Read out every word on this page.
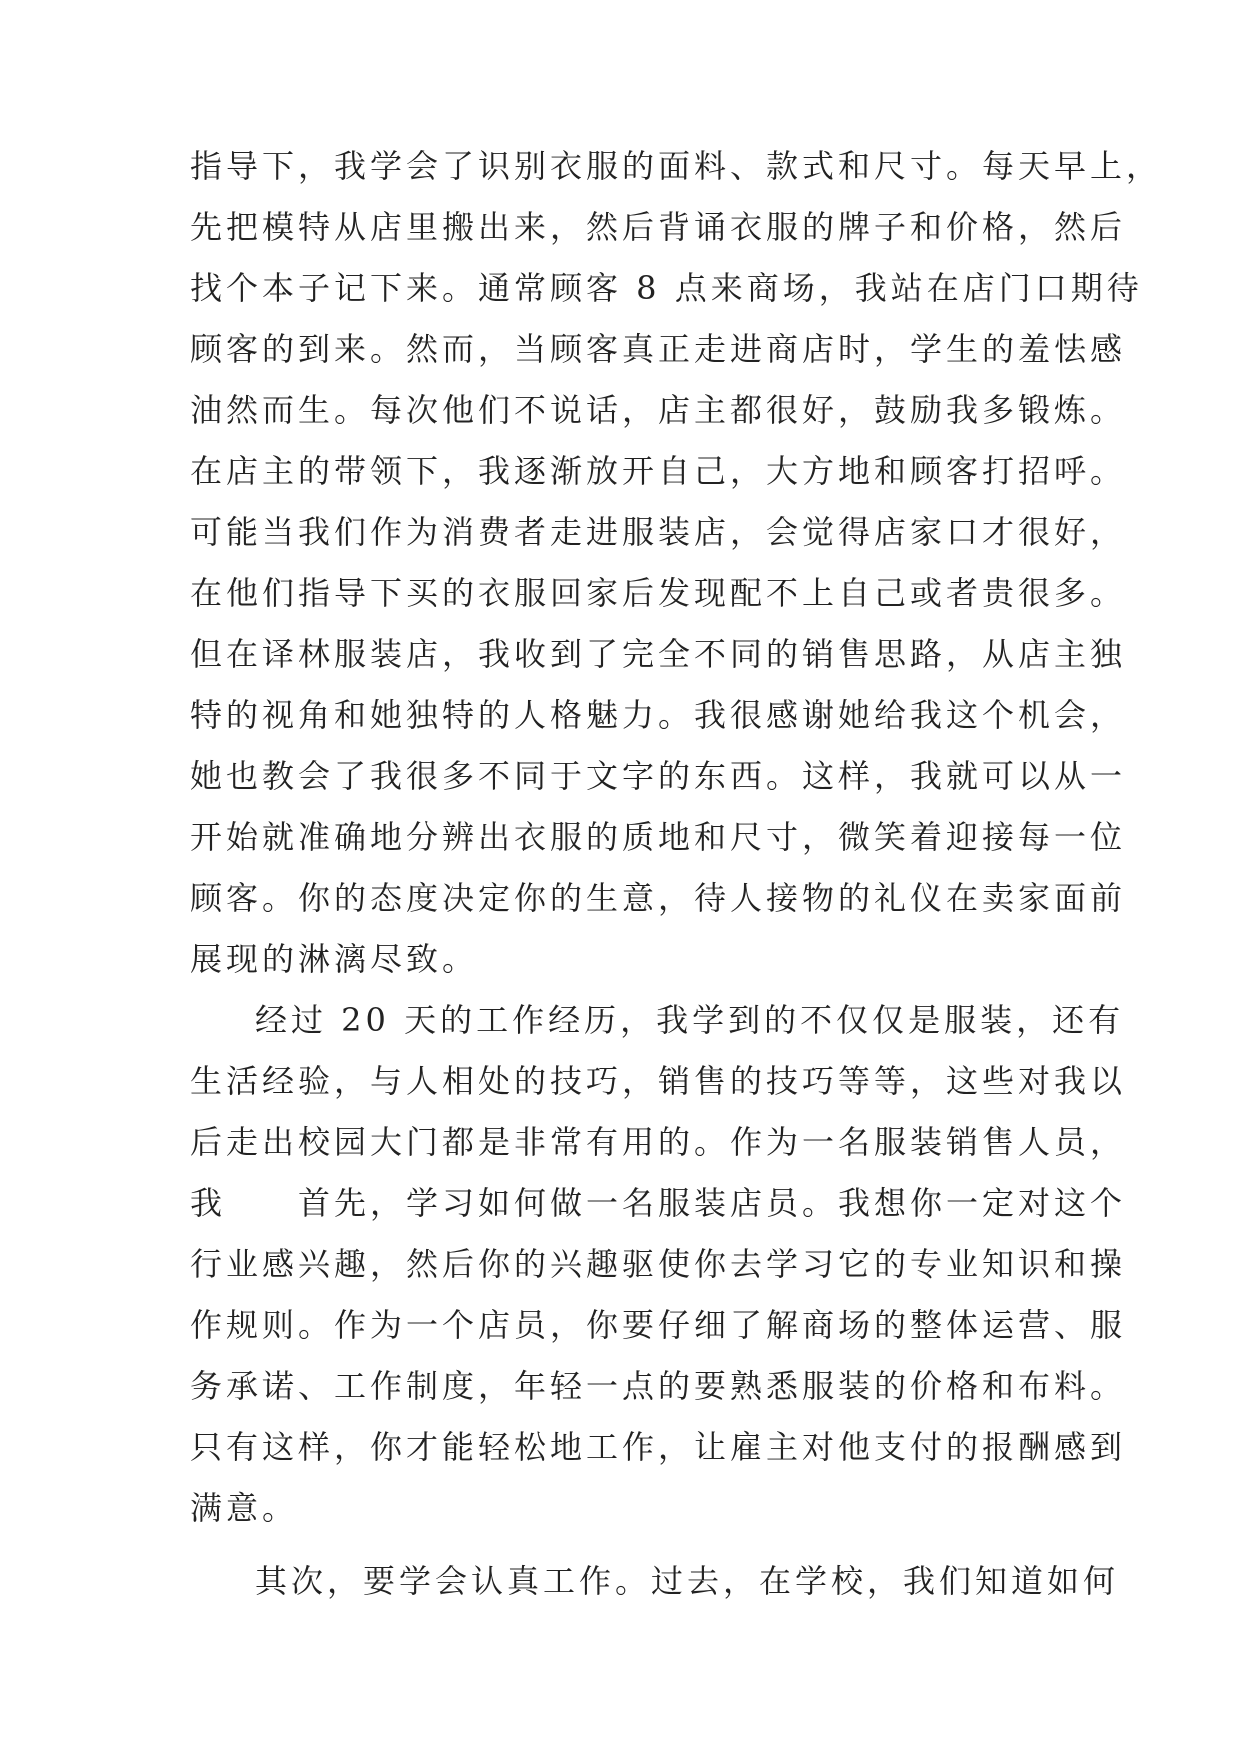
指导下，我学会了识别衣服的面料、款式和尺寸。每天早上，
先把模特从店里搬出来，然后背诵衣服的牌子和价格，然后
找个本子记下来。通常顾客 8 点来商场，我站在店门口期待
顾客的到来。然而，当顾客真正走进商店时，学生的羞怯感
油然而生。每次他们不说话，店主都很好，鼓励我多锻炼。
在店主的带领下，我逐渐放开自己，大方地和顾客打招呼。
可能当我们作为消费者走进服装店，会觉得店家口才很好，
在他们指导下买的衣服回家后发现配不上自己或者贵很多。
但在译林服装店，我收到了完全不同的销售思路，从店主独
特的视角和她独特的人格魅力。我很感谢她给我这个机会，
她也教会了我很多不同于文字的东西。这样，我就可以从一
开始就准确地分辨出衣服的质地和尺寸，微笑着迎接每一位
顾客。你的态度决定你的生意，待人接物的礼仪在卖家面前
展现的淋漓尽致。
经过 20 天的工作经历，我学到的不仅仅是服装，还有
生活经验，与人相处的技巧，销售的技巧等等，这些对我以
后走出校园大门都是非常有用的。作为一名服装销售人员，
我　　首先，学习如何做一名服装店员。我想你一定对这个
行业感兴趣，然后你的兴趣驱使你去学习它的专业知识和操
作规则。作为一个店员，你要仔细了解商场的整体运营、服
务承诺、工作制度，年轻一点的要熟悉服装的价格和布料。
只有这样，你才能轻松地工作，让雇主对他支付的报酬感到
满意。
其次，要学会认真工作。过去，在学校，我们知道如何
